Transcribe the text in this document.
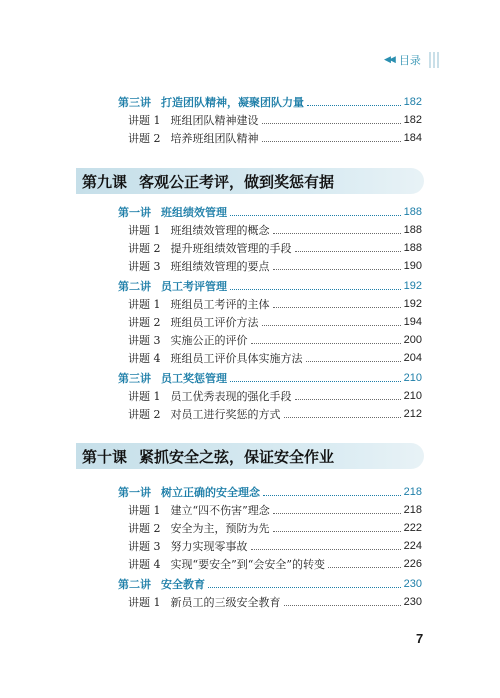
◀◀ 目录
第三讲 打造团队精神，凝聚团队力量	182
讲题 1 班组团队精神建设	182
讲题 2 培养班组团队精神	184
第九课 客观公正考评，做到奖惩有据
第一讲 班组绩效管理	188
讲题 1 班组绩效管理的概念	188
讲题 2 提升班组绩效管理的手段	188
讲题 3 班组绩效管理的要点	190
第二讲 员工考评管理	192
讲题 1 班组员工考评的主体	192
讲题 2 班组员工评价方法	194
讲题 3 实施公正的评价	200
讲题 4 班组员工评价具体实施方法	204
第三讲 员工奖惩管理	210
讲题 1 员工优秀表现的强化手段	210
讲题 2 对员工进行奖惩的方式	212
第十课 紧抓安全之弦，保证安全作业
第一讲 树立正确的安全理念	218
讲题 1 建立“四不伤害”理念	218
讲题 2 安全为主，预防为先	222
讲题 3 努力实现零事故	224
讲题 4 实现“要安全”到“会安全”的转变	226
第二讲 安全教育	230
讲题 1 新员工的三级安全教育	230
7
